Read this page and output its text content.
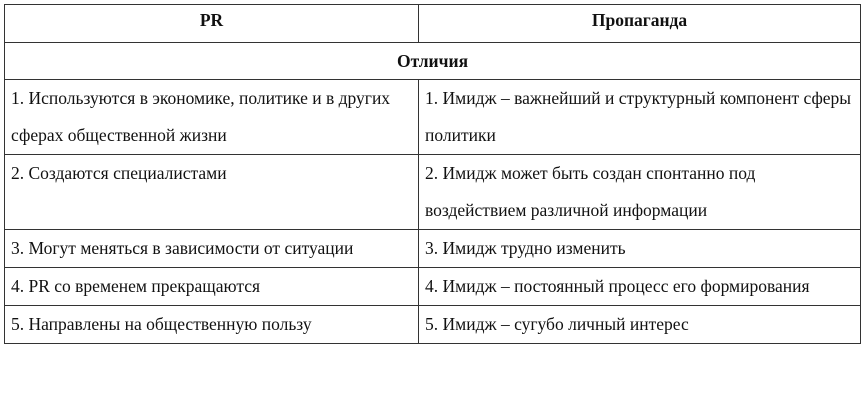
PR	Пропаганда
Отличия	

1. Используются в экономике, политике и в других сферах общественной жизни	1. Имидж – важнейший и структурный компонент сферы политики

2. Создаются специалистами	2. Имидж может быть создан спонтанно под воздействием различной информации

3. Могут меняться в зависимости от ситуации	3. Имидж трудно изменить

4. PR со временем прекращаются	4. Имидж – постоянный процесс его формирования

5. Направлены на общественную пользу	5. Имидж – сугубо личный интерес
